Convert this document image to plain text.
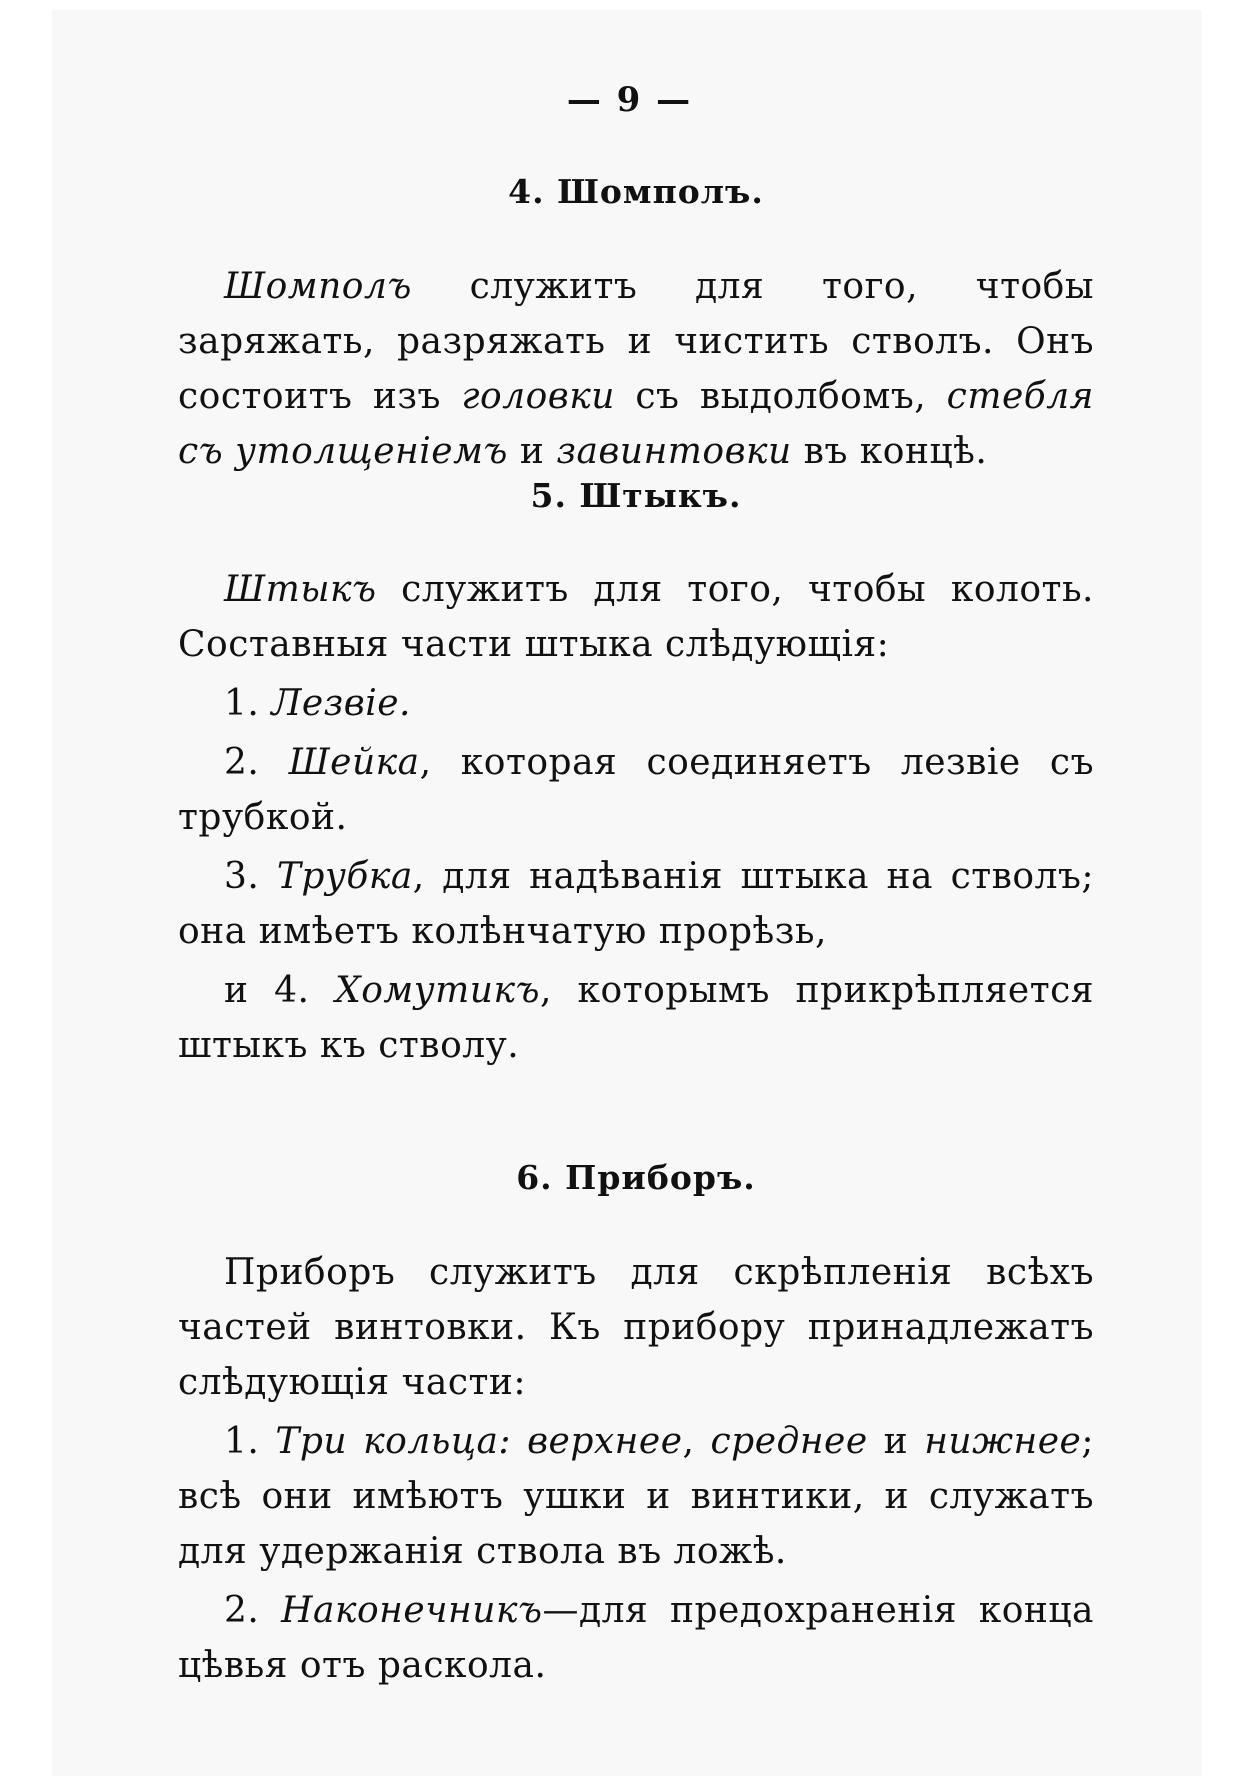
— 9 —
4. Шомполъ.

Шомполъ служитъ для того, чтобы заряжать, разряжать и чистить стволъ. Онъ состоитъ изъ головки съ выдолбомъ, стебля съ утолщеніемъ и завинтовки въ концѣ.

5. Штыкъ.

Штыкъ служитъ для того, чтобы колоть. Составныя части штыка слѣдующія:

1. Лезвіе.

2. Шейка, которая соединяетъ лезвіе съ трубкой.

3. Трубка, для надѣванія штыка на стволъ; она имѣетъ колѣнчатую прорѣзь,

и 4. Хомутикъ, которымъ прикрѣпляется штыкъ къ стволу.

6. Приборъ.

Приборъ служитъ для скрѣпленія всѣхъ частей винтовки. Къ прибору принадлежатъ слѣдующія части:

1. Три кольца: верхнее, среднее и нижнее; всѣ они имѣютъ ушки и винтики, и служатъ для удержанія ствола въ ложѣ.

2. Наконечникъ—для предохраненія конца цѣвья отъ раскола.
